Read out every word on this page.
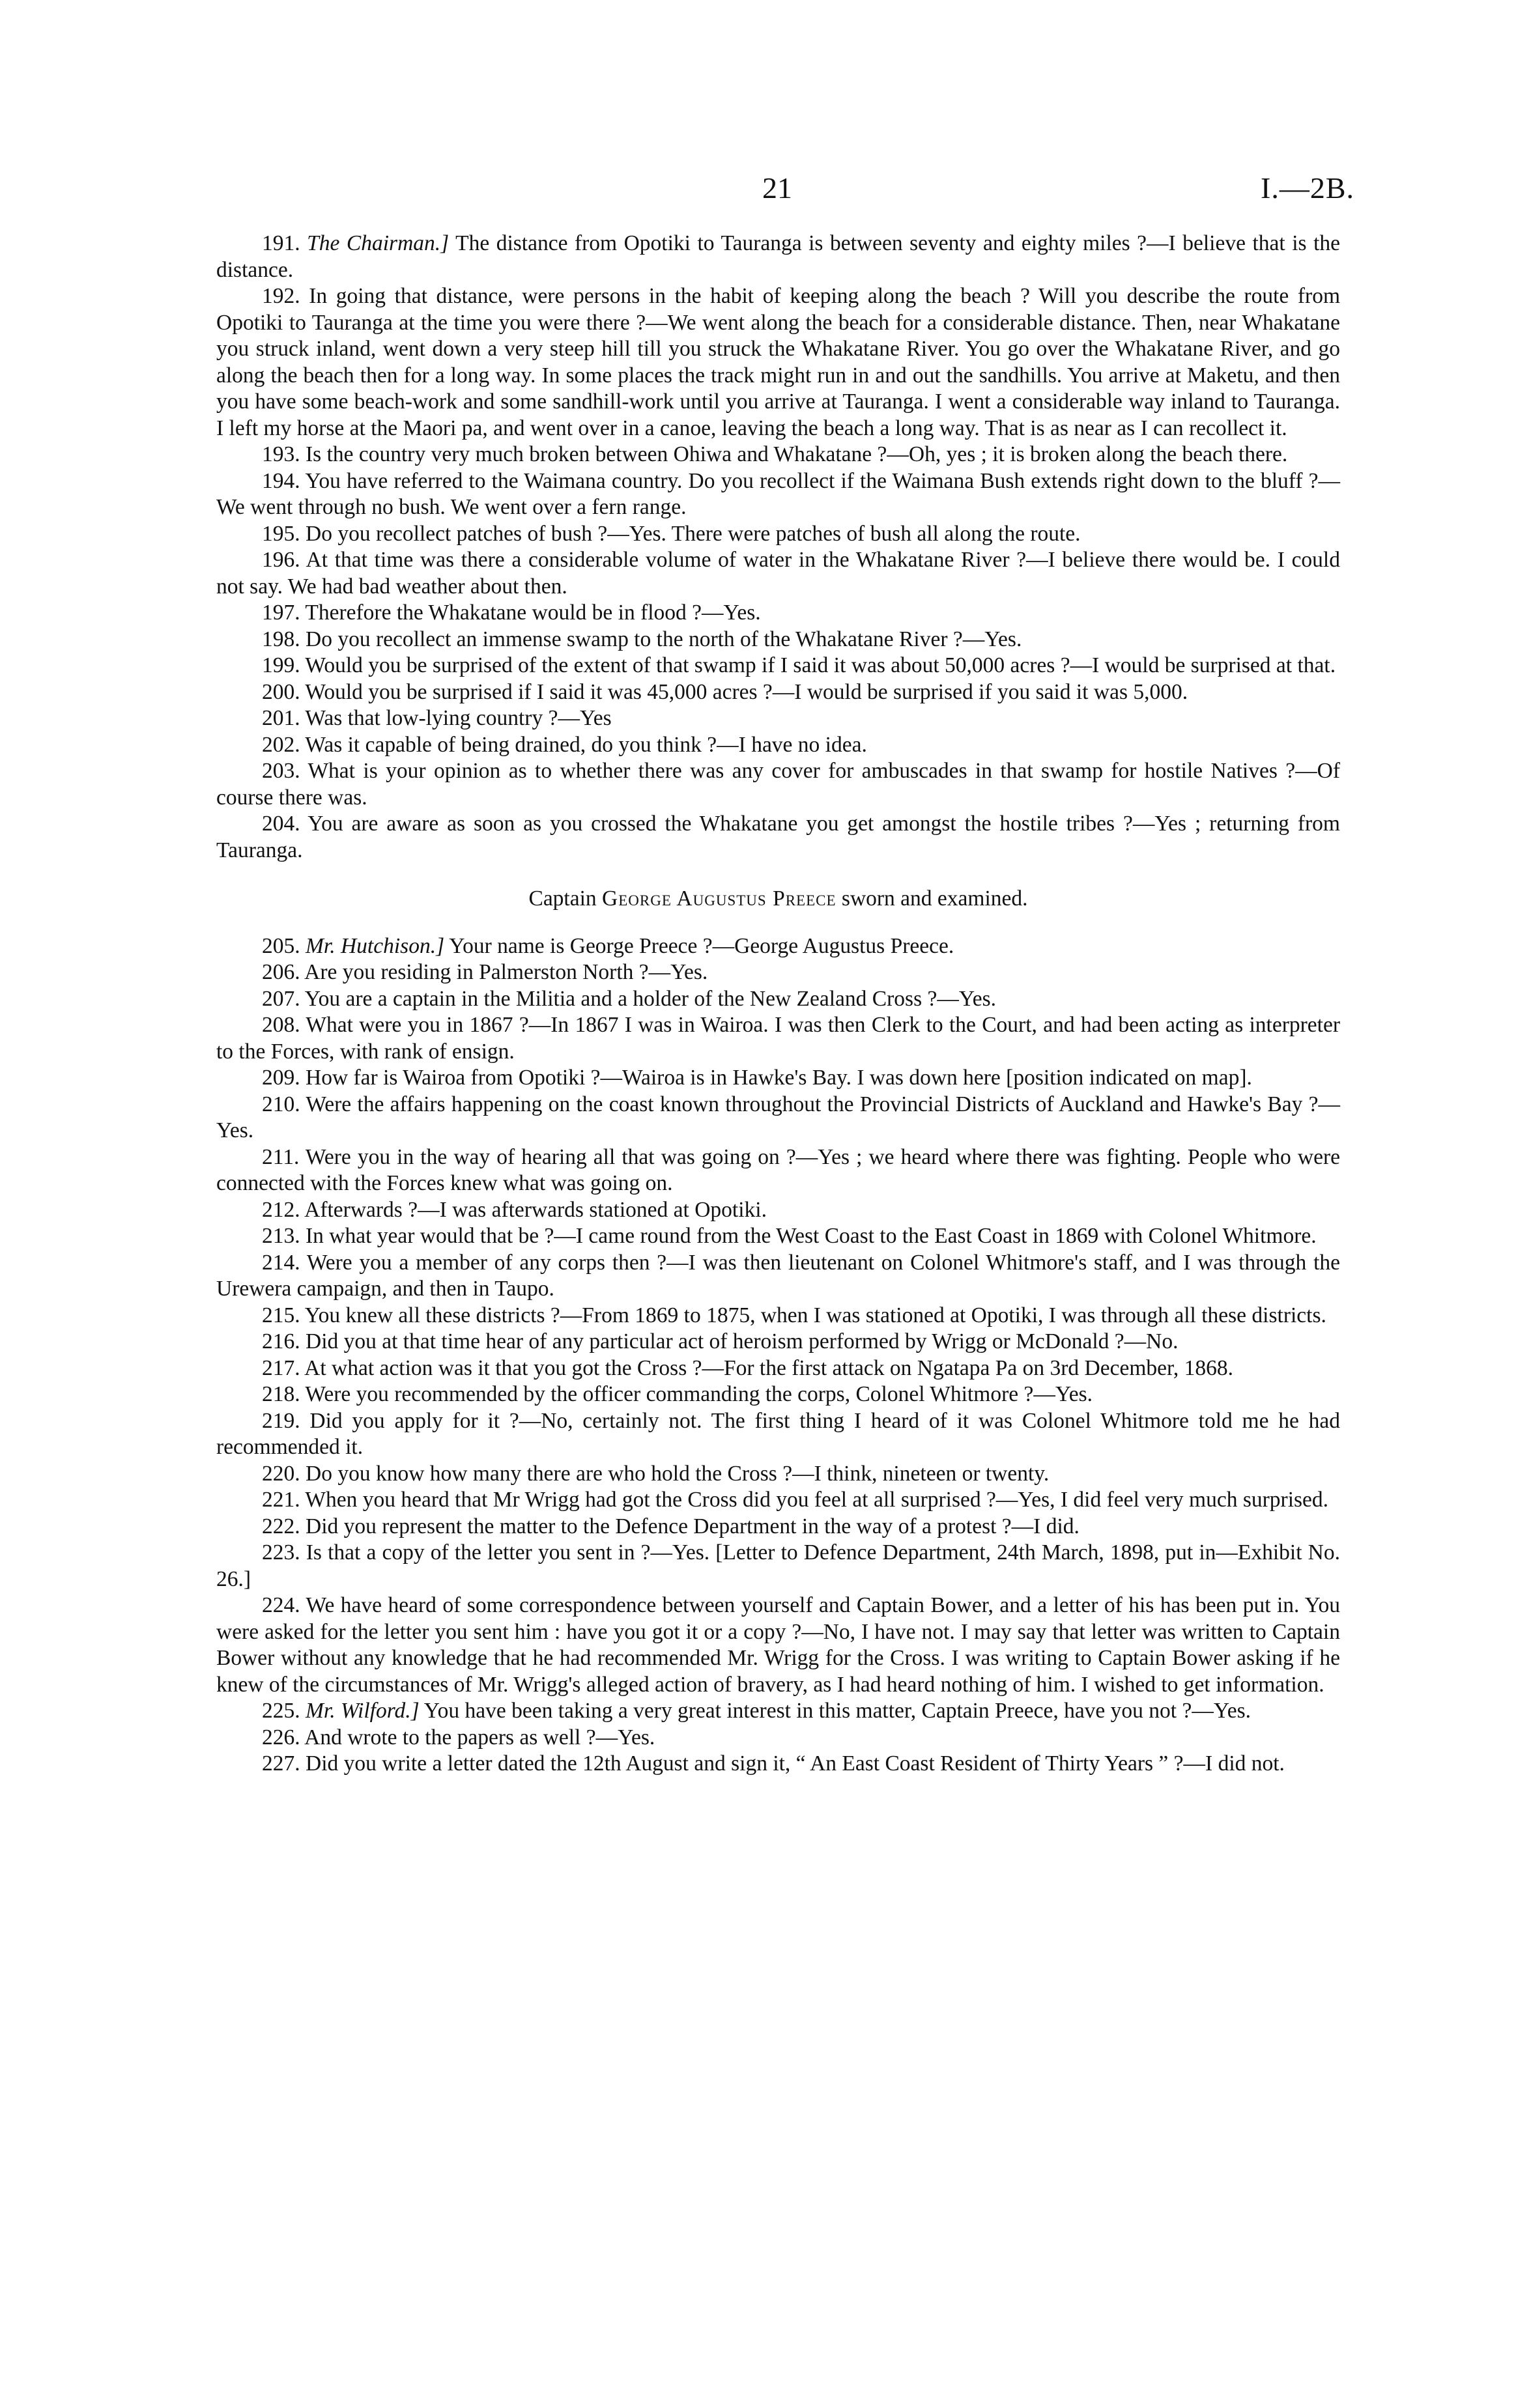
21	I.—2B.

191. The Chairman.] The distance from Opotiki to Tauranga is between seventy and eighty miles ?—I believe that is the distance.

192. In going that distance, were persons in the habit of keeping along the beach ? Will you describe the route from Opotiki to Tauranga at the time you were there ?—We went along the beach for a considerable distance. Then, near Whakatane you struck inland, went down a very steep hill till you struck the Whakatane River. You go over the Whakatane River, and go along the beach then for a long way. In some places the track might run in and out the sandhills. You arrive at Maketu, and then you have some beach-work and some sandhill-work until you arrive at Tauranga. I went a considerable way inland to Tauranga. I left my horse at the Maori pa, and went over in a canoe, leaving the beach a long way. That is as near as I can recollect it.

193. Is the country very much broken between Ohiwa and Whakatane ?—Oh, yes ; it is broken along the beach there.

194. You have referred to the Waimana country. Do you recollect if the Waimana Bush extends right down to the bluff ?—We went through no bush. We went over a fern range.

195. Do you recollect patches of bush ?—Yes. There were patches of bush all along the route.

196. At that time was there a considerable volume of water in the Whakatane River ?—I believe there would be. I could not say. We had bad weather about then.

197. Therefore the Whakatane would be in flood ?—Yes.

198. Do you recollect an immense swamp to the north of the Whakatane River ?—Yes.

199. Would you be surprised of the extent of that swamp if I said it was about 50,000 acres ?—I would be surprised at that.

200. Would you be surprised if I said it was 45,000 acres ?—I would be surprised if you said it was 5,000.

201. Was that low-lying country ?—Yes

202. Was it capable of being drained, do you think ?—I have no idea.

203. What is your opinion as to whether there was any cover for ambuscades in that swamp for hostile Natives ?—Of course there was.

204. You are aware as soon as you crossed the Whakatane you get amongst the hostile tribes ?—Yes ; returning from Tauranga.

Captain George Augustus Preece sworn and examined.

205. Mr. Hutchison.] Your name is George Preece ?—George Augustus Preece.

206. Are you residing in Palmerston North ?—Yes.

207. You are a captain in the Militia and a holder of the New Zealand Cross ?—Yes.

208. What were you in 1867 ?—In 1867 I was in Wairoa. I was then Clerk to the Court, and had been acting as interpreter to the Forces, with rank of ensign.

209. How far is Wairoa from Opotiki ?—Wairoa is in Hawke's Bay. I was down here [position indicated on map].

210. Were the affairs happening on the coast known throughout the Provincial Districts of Auckland and Hawke's Bay ?—Yes.

211. Were you in the way of hearing all that was going on ?—Yes ; we heard where there was fighting. People who were connected with the Forces knew what was going on.

212. Afterwards ?—I was afterwards stationed at Opotiki.

213. In what year would that be ?—I came round from the West Coast to the East Coast in 1869 with Colonel Whitmore.

214. Were you a member of any corps then ?—I was then lieutenant on Colonel Whitmore's staff, and I was through the Urewera campaign, and then in Taupo.

215. You knew all these districts ?—From 1869 to 1875, when I was stationed at Opotiki, I was through all these districts.

216. Did you at that time hear of any particular act of heroism performed by Wrigg or McDonald ?—No.

217. At what action was it that you got the Cross ?—For the first attack on Ngatapa Pa on 3rd December, 1868.

218. Were you recommended by the officer commanding the corps, Colonel Whitmore ?—Yes.

219. Did you apply for it ?—No, certainly not. The first thing I heard of it was Colonel Whitmore told me he had recommended it.

220. Do you know how many there are who hold the Cross ?—I think, nineteen or twenty.

221. When you heard that Mr Wrigg had got the Cross did you feel at all surprised ?—Yes, I did feel very much surprised.

222. Did you represent the matter to the Defence Department in the way of a protest ?—I did.

223. Is that a copy of the letter you sent in ?—Yes. [Letter to Defence Department, 24th March, 1898, put in—Exhibit No. 26.]

224. We have heard of some correspondence between yourself and Captain Bower, and a letter of his has been put in. You were asked for the letter you sent him : have you got it or a copy ?—No, I have not. I may say that letter was written to Captain Bower without any knowledge that he had recommended Mr. Wrigg for the Cross. I was writing to Captain Bower asking if he knew of the circumstances of Mr. Wrigg's alleged action of bravery, as I had heard nothing of him. I wished to get information.

225. Mr. Wilford.] You have been taking a very great interest in this matter, Captain Preece, have you not ?—Yes.

226. And wrote to the papers as well ?—Yes.

227. Did you write a letter dated the 12th August and sign it, “ An East Coast Resident of Thirty Years ” ?—I did not.
